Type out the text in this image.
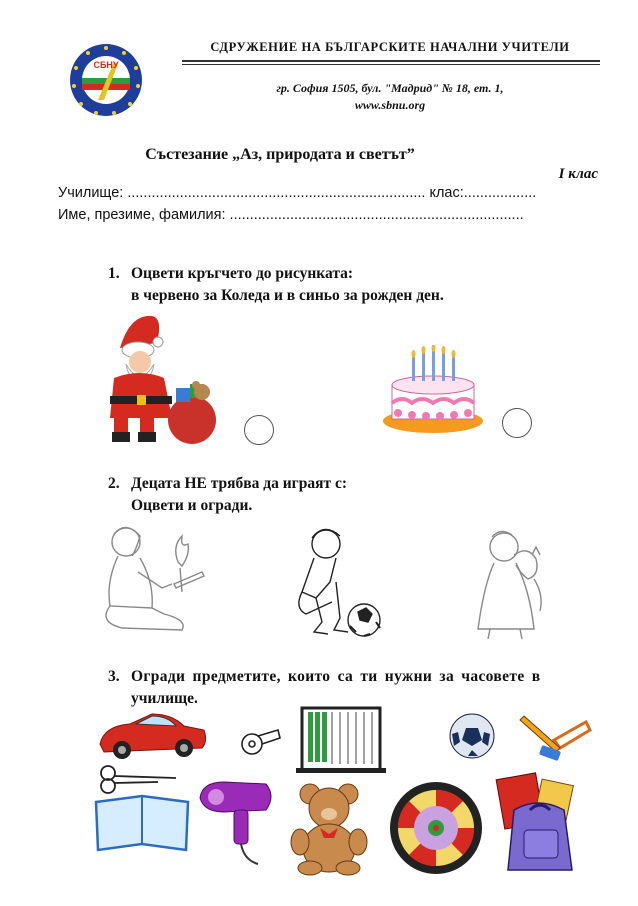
СБНУ
СДРУЖЕНИЕ НА БЪЛГАРСКИТЕ НАЧАЛНИ УЧИТЕЛИ
гр. София 1505, бул. "Мадрид" № 18, ет. 1,
www.sbnu.org
Състезание „Аз, природата и светът”
I клас
Училище: .......................................................................... клас:..................
Име, презиме, фамилия: .........................................................................
1. Оцвети кръгчето до рисунката:
в червено за Коледа и в синьо за рожден ден.
2. Децата НЕ трябва да играят с:
Оцвети и огради.
3. Огради предметите, които са ти нужни за часовете в
училище.
